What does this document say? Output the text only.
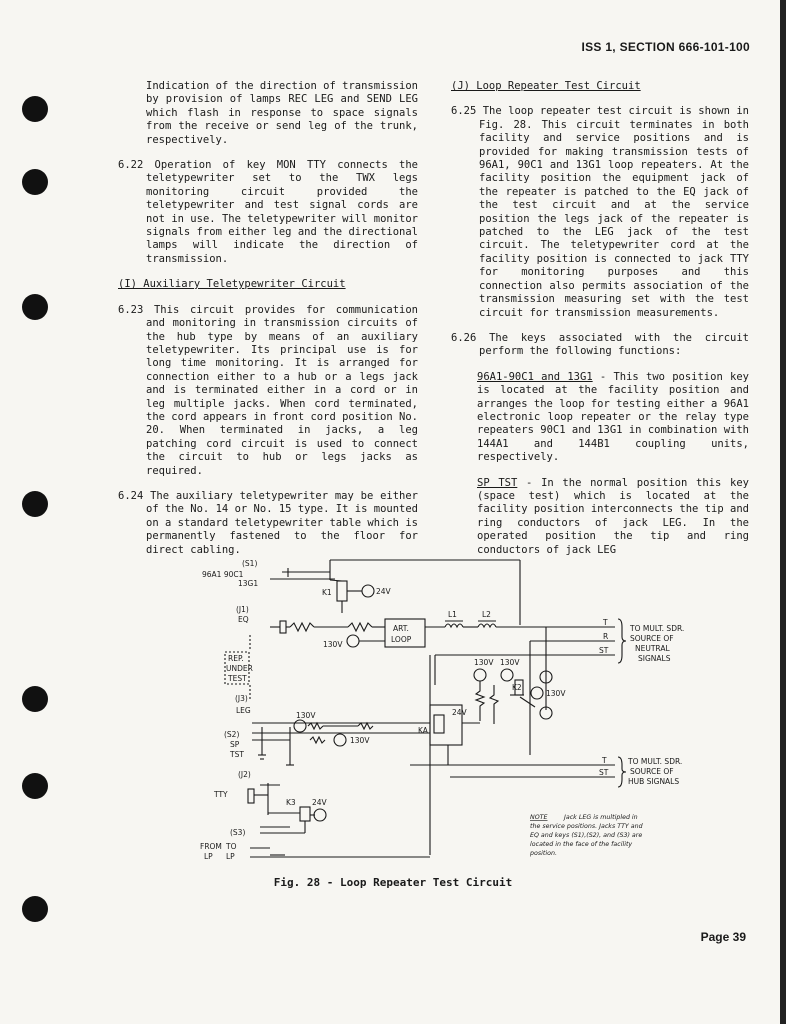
ISS 1, SECTION 666-101-100

Indication of the direction of transmission by provision of lamps REC LEG and SEND LEG which flash in response to space signals from the receive or send leg of the trunk, respectively.

6.22 Operation of key MON TTY connects the teletypewriter set to the TWX legs monitoring circuit provided the teletypewriter and test signal cords are not in use. The teletypewriter will monitor signals from either leg and the directional lamps will indicate the direction of transmission.

(I) Auxiliary Teletypewriter Circuit

6.23 This circuit provides for communication and monitoring in transmission circuits of the hub type by means of an auxiliary teletypewriter. Its principal use is for long time monitoring. It is arranged for connection either to a hub or a legs jack and is terminated either in a cord or in leg multiple jacks. When cord terminated, the cord appears in front cord position No. 20. When terminated in jacks, a leg patching cord circuit is used to connect the circuit to hub or legs jacks as required.

6.24 The auxiliary teletypewriter may be either of the No. 14 or No. 15 type. It is mounted on a standard teletypewriter table which is permanently fastened to the floor for direct cabling.

(J) Loop Repeater Test Circuit

6.25 The loop repeater test circuit is shown in Fig. 28. This circuit terminates in both facility and service positions and is provided for making transmission tests of 96A1, 90C1 and 13G1 loop repeaters. At the facility position the equipment jack of the repeater is patched to the EQ jack of the test circuit and at the service position the legs jack of the repeater is patched to the LEG jack of the test circuit. The teletypewriter cord at the facility position is connected to jack TTY for monitoring purposes and this connection also permits association of the transmission measuring set with the test circuit for transmission measurements.

6.26 The keys associated with the circuit perform the following functions:

96A1-90C1 and 13G1 - This two position key is located at the facility position and arranges the loop for testing either a 96A1 electronic loop repeater or the relay type repeaters 90C1 and 13G1 in combination with 144A1 and 144B1 coupling units, respectively.

SP TST - In the normal position this key (space test) which is located at the facility position interconnects the tip and ring conductors of jack LEG. In the operated position the tip and ring conductors of jack LEG

(S1)
96A1 90C1
13G1
(J1)
EQ
K1	24V
130V
ART.
LOOP
L1	L2
T
R
ST
TO MULT. SDR.
SOURCE OF
NEUTRAL
SIGNALS
REP.
UNDER
TEST
(J3)
LEG
(S2)
SP
TST
130V
130V
130V 130V
130V
K2
KA
24V
(J2)
TTY
K3 24V
T
ST
TO MULT. SDR.
SOURCE OF
HUB SIGNALS
(S3)
FROM TO
LP LP
NOTE	Jack LEG is multipled in
the service positions. Jacks TTY and
EQ and keys (S1),(S2), and (S3) are
located in the face of the facility
position.
Fig. 28 - Loop Repeater Test Circuit
Page 39
